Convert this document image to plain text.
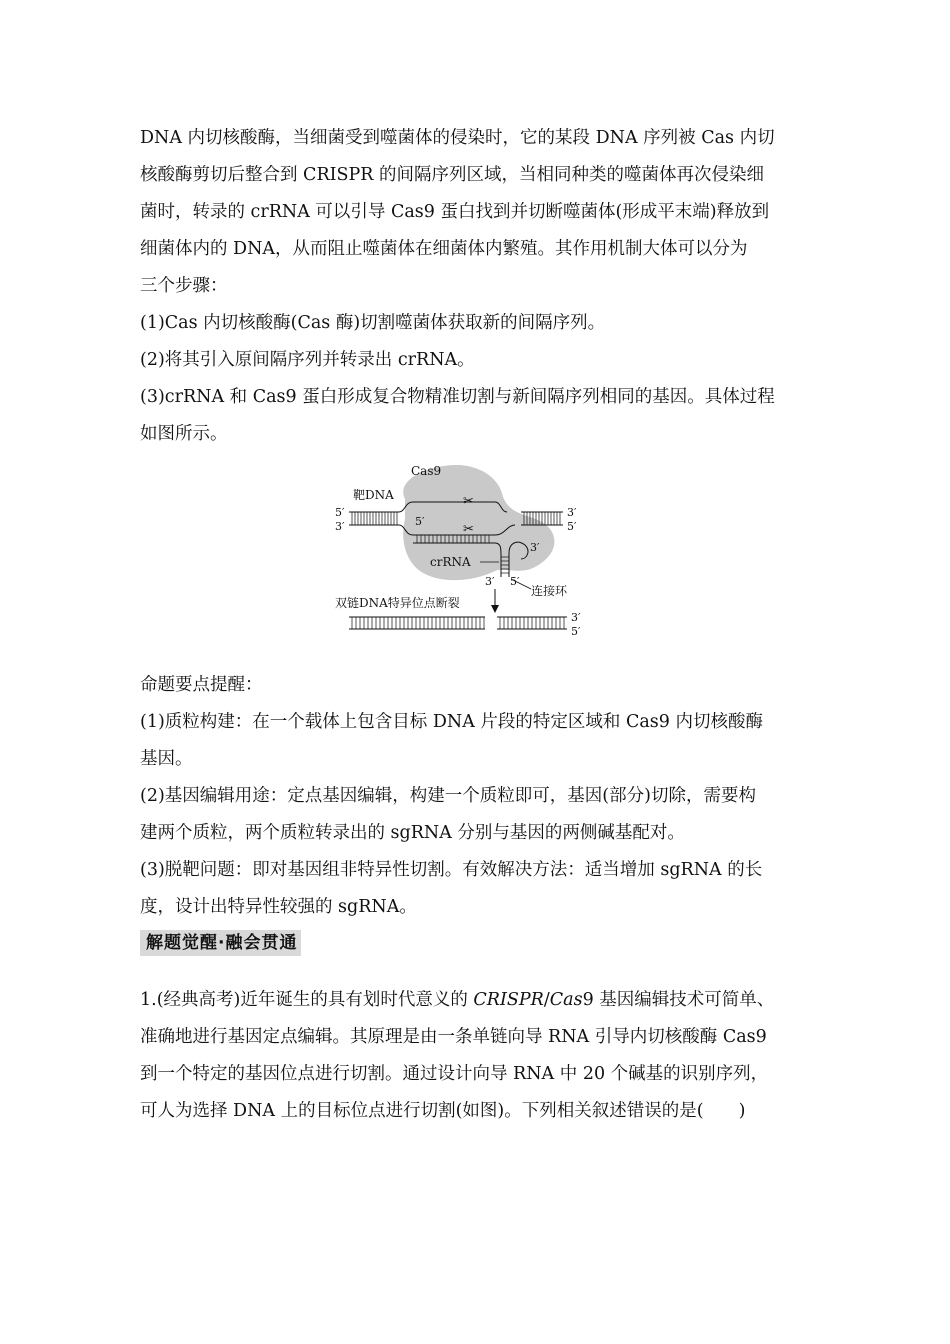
DNA 内切核酸酶，当细菌受到噬菌体的侵染时，它的某段 DNA 序列被 Cas 内切

核酸酶剪切后整合到 CRISPR 的间隔序列区域，当相同种类的噬菌体再次侵染细

菌时，转录的 crRNA 可以引导 Cas9 蛋白找到并切断噬菌体(形成平末端)释放到

细菌体内的 DNA，从而阻止噬菌体在细菌体内繁殖。其作用机制大体可以分为

三个步骤：

(1)Cas 内切核酸酶(Cas 酶)切割噬菌体获取新的间隔序列。

(2)将其引入原间隔序列并转录出 crRNA。

(3)crRNA 和 Cas9 蛋白形成复合物精准切割与新间隔序列相同的基因。具体过程

如图所示。

Cas9
靶DNA
5′
3′
✂
✂
5′
3′
crRNA
3′ 5′
连接环
3′
5′
双链DNA特异位点断裂
3′
5′

命题要点提醒：

(1)质粒构建：在一个载体上包含目标 DNA 片段的特定区域和 Cas9 内切核酸酶

基因。

(2)基因编辑用途：定点基因编辑，构建一个质粒即可，基因(部分)切除，需要构

建两个质粒，两个质粒转录出的 sgRNA 分别与基因的两侧碱基配对。

(3)脱靶问题：即对基因组非特异性切割。有效解决方法：适当增加 sgRNA 的长

度，设计出特异性较强的 sgRNA。

解题觉醒·融会贯通

1.(经典高考)近年诞生的具有划时代意义的 CRISPR/Cas9 基因编辑技术可简单、

准确地进行基因定点编辑。其原理是由一条单链向导 RNA 引导内切核酸酶 Cas9

到一个特定的基因位点进行切割。通过设计向导 RNA 中 20 个碱基的识别序列，

可人为选择 DNA 上的目标位点进行切割(如图)。下列相关叙述错误的是(　　)
